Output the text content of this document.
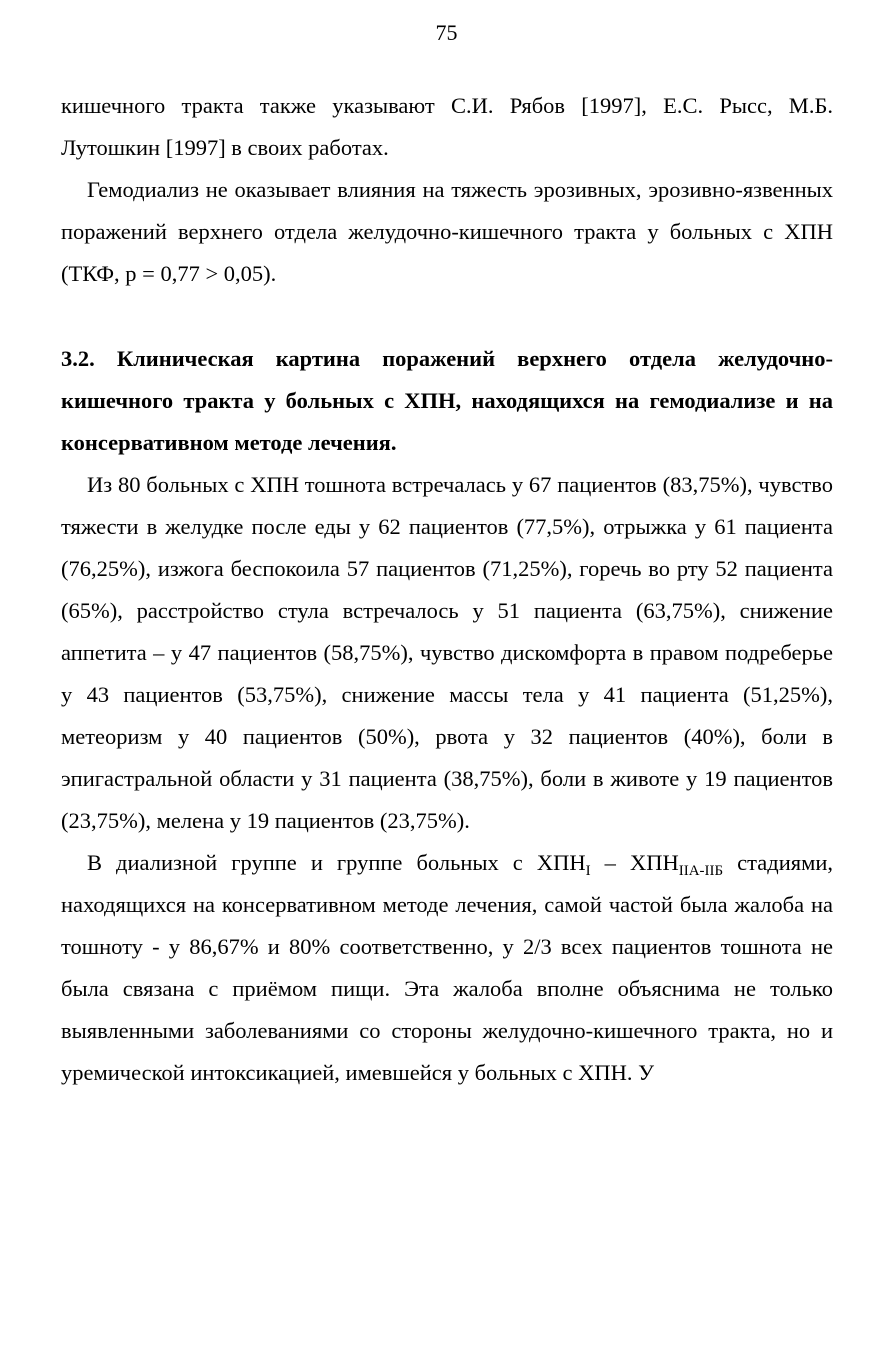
75

кишечного тракта также указывают С.И. Рябов [1997], Е.С. Рысс, М.Б. Лутошкин [1997] в своих работах.

Гемодиализ не оказывает влияния на тяжесть эрозивных, эрозивно-язвенных поражений верхнего отдела желудочно-кишечного тракта у больных с ХПН (ТКФ, p = 0,77 > 0,05).

3.2. Клиническая картина поражений верхнего отдела желудочно-кишечного тракта у больных с ХПН, находящихся на гемодиализе и на консервативном методе лечения.

Из 80 больных с ХПН тошнота встречалась у 67 пациентов (83,75%), чувство тяжести в желудке после еды у 62 пациентов (77,5%), отрыжка у 61 пациента (76,25%), изжога беспокоила 57 пациентов (71,25%), горечь во рту 52 пациента (65%), расстройство стула встречалось у 51 пациента (63,75%), снижение аппетита – у 47 пациентов (58,75%), чувство дискомфорта в правом подреберье у 43 пациентов (53,75%), снижение массы тела у 41 пациента (51,25%), метеоризм у 40 пациентов (50%), рвота у 32 пациентов (40%), боли в эпигастральной области у 31 пациента (38,75%), боли в животе у 19 пациентов (23,75%), мелена у 19 пациентов (23,75%).

В диализной группе и группе больных с $ХПН_I - ХПН_{IIА-IIБ}$ стадиями, находящихся на консервативном методе лечения, самой частой была жалоба на тошноту - у 86,67% и 80% соответственно, у 2/3 всех пациентов тошнота не была связана с приёмом пищи. Эта жалоба вполне объяснима не только выявленными заболеваниями со стороны желудочно-кишечного тракта, но и уремической интоксикацией, имевшейся у больных с ХПН. У
